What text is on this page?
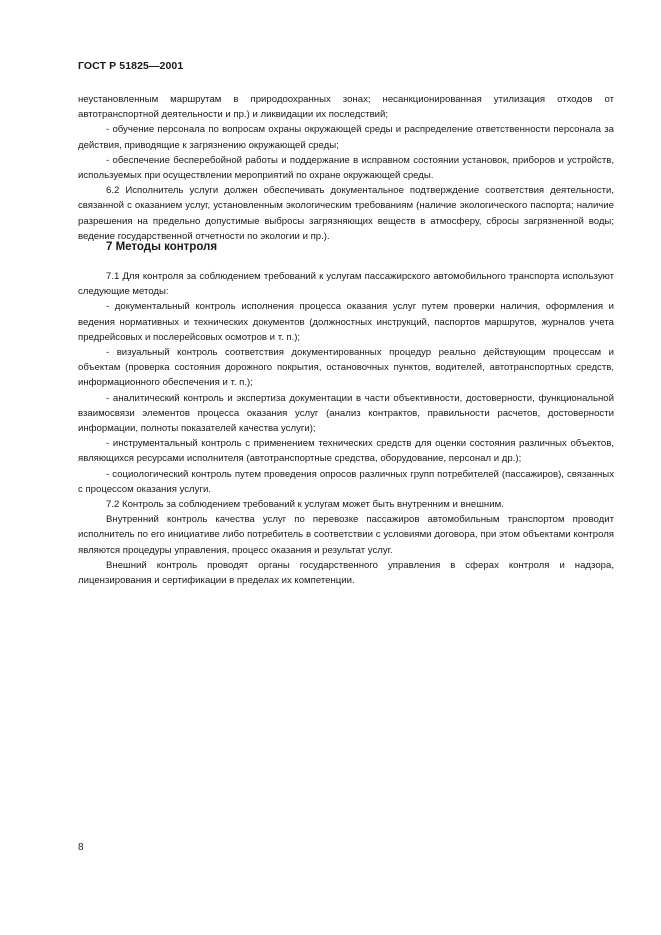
ГОСТ Р 51825—2001

неустановленным маршрутам в природоохранных зонах; несанкционированная утилизация отходов от автотранспортной деятельности и пр.) и ликвидации их последствий;

- обучение персонала по вопросам охраны окружающей среды и распределение ответственности персонала за действия, приводящие к загрязнению окружающей среды;

- обеспечение бесперебойной работы и поддержание в исправном состоянии установок, приборов и устройств, используемых при осуществлении мероприятий по охране окружающей среды.

6.2 Исполнитель услуги должен обеспечивать документальное подтверждение соответствия деятельности, связанной с оказанием услуг, установленным экологическим требованиям (наличие экологического паспорта; наличие разрешения на предельно допустимые выбросы загрязняющих веществ в атмосферу, сбросы загрязненной воды; ведение государственной отчетности по экологии и пр.).

7 Методы контроля

7.1 Для контроля за соблюдением требований к услугам пассажирского автомобильного транспорта используют следующие методы:

- документальный контроль исполнения процесса оказания услуг путем проверки наличия, оформления и ведения нормативных и технических документов (должностных инструкций, паспортов маршрутов, журналов учета предрейсовых и послерейсовых осмотров и т. п.);

- визуальный контроль соответствия документированных процедур реально действующим процессам и объектам (проверка состояния дорожного покрытия, остановочных пунктов, водителей, автотранспортных средств, информационного обеспечения и т. п.);

- аналитический контроль и экспертиза документации в части объективности, достоверности, функциональной взаимосвязи элементов процесса оказания услуг (анализ контрактов, правильности расчетов, достоверности информации, полноты показателей качества услуги);

- инструментальный контроль с применением технических средств для оценки состояния различных объектов, являющихся ресурсами исполнителя (автотранспортные средства, оборудование, персонал и др.);

- социологический контроль путем проведения опросов различных групп потребителей (пассажиров), связанных с процессом оказания услуги.

7.2 Контроль за соблюдением требований к услугам может быть внутренним и внешним.

Внутренний контроль качества услуг по перевозке пассажиров автомобильным транспортом проводит исполнитель по его инициативе либо потребитель в соответствии с условиями договора, при этом объектами контроля являются процедуры управления, процесс оказания и результат услуг.

Внешний контроль проводят органы государственного управления в сферах контроля и надзора, лицензирования и сертификации в пределах их компетенции.

8
